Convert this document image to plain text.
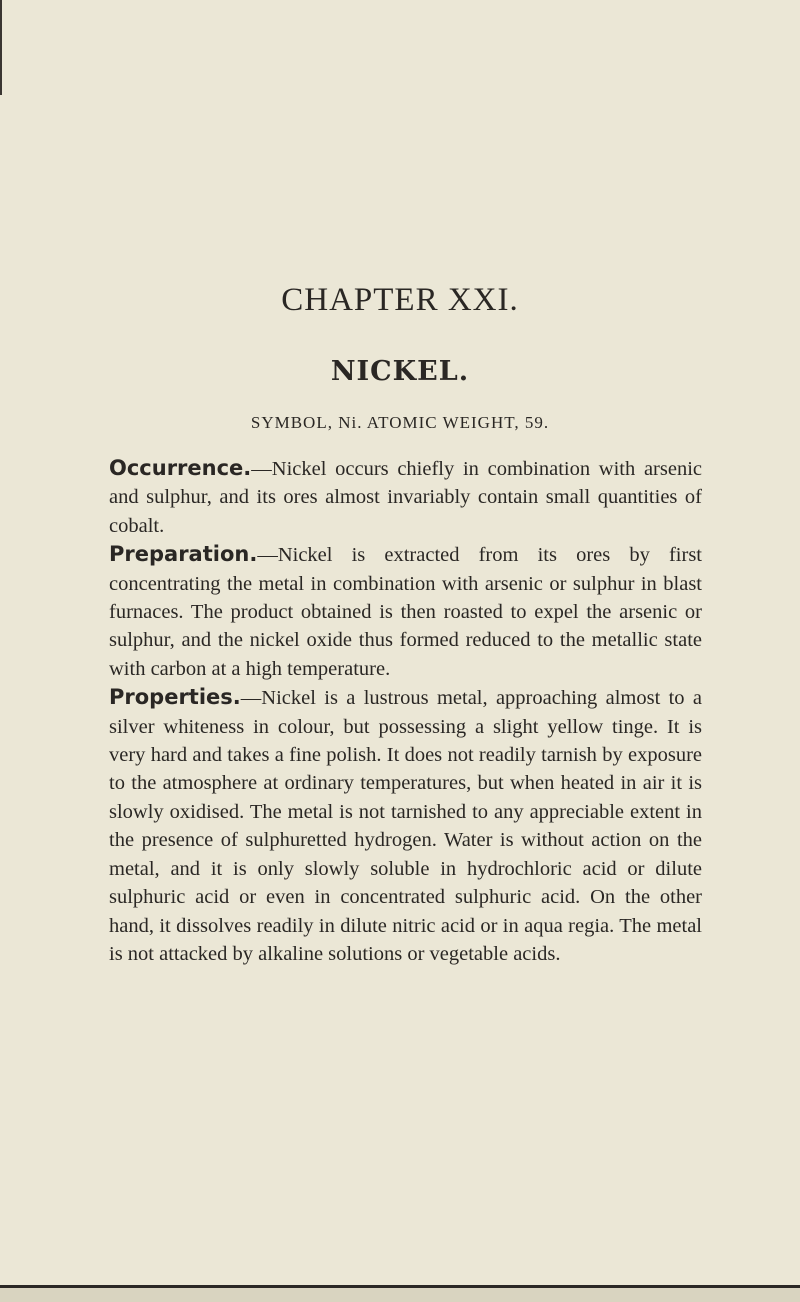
CHAPTER XXI.
NICKEL.

SYMBOL, Ni. ATOMIC WEIGHT, 59.

Occurrence.—Nickel occurs chiefly in combination with arsenic and sulphur, and its ores almost invariably contain small quantities of cobalt.

Preparation.—Nickel is extracted from its ores by first concentrating the metal in combination with arsenic or sulphur in blast furnaces. The product obtained is then roasted to expel the arsenic or sulphur, and the nickel oxide thus formed reduced to the metallic state with carbon at a high temperature.

Properties.—Nickel is a lustrous metal, approaching almost to a silver whiteness in colour, but possessing a slight yellow tinge. It is very hard and takes a fine polish. It does not readily tarnish by exposure to the atmosphere at ordinary temperatures, but when heated in air it is slowly oxidised. The metal is not tarnished to any appreciable extent in the presence of sulphuretted hydrogen. Water is without action on the metal, and it is only slowly soluble in hydrochloric acid or dilute sulphuric acid or even in concentrated sulphuric acid. On the other hand, it dissolves readily in dilute nitric acid or in aqua regia. The metal is not attacked by alkaline solutions or vegetable acids.
